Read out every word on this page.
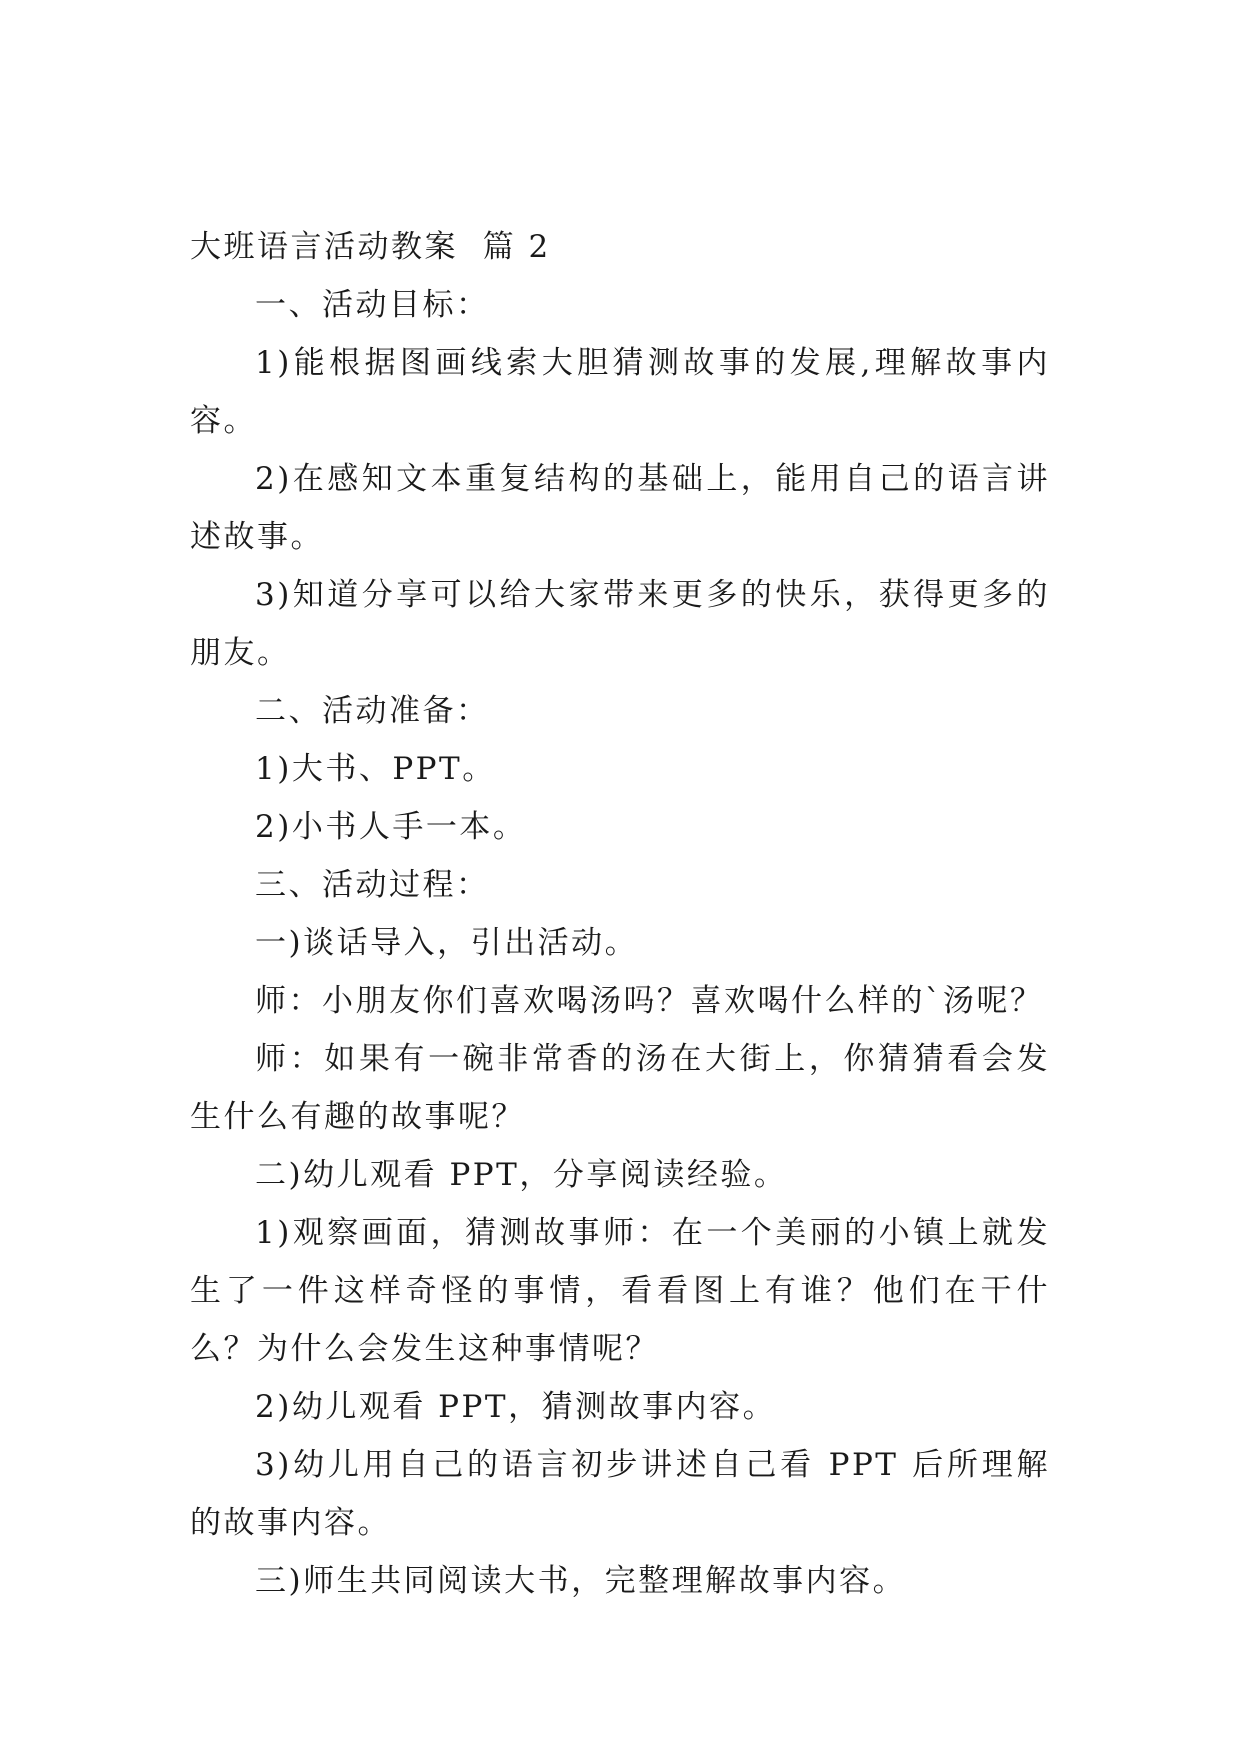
大班语言活动教案  篇 2

一、活动目标：

1)能根据图画线索大胆猜测故事的发展,理解故事内容。

2)在感知文本重复结构的基础上，能用自己的语言讲述故事。

3)知道分享可以给大家带来更多的快乐，获得更多的朋友。

二、活动准备：

1)大书、PPT。

2)小书人手一本。

三、活动过程：

一)谈话导入，引出活动。

师：小朋友你们喜欢喝汤吗？喜欢喝什么样的`汤呢？

师：如果有一碗非常香的汤在大街上，你猜猜看会发生什么有趣的故事呢？

二)幼儿观看 PPT，分享阅读经验。

1)观察画面，猜测故事师：在一个美丽的小镇上就发生了一件这样奇怪的事情，看看图上有谁？他们在干什么？为什么会发生这种事情呢？

2)幼儿观看 PPT，猜测故事内容。

3)幼儿用自己的语言初步讲述自己看 PPT 后所理解的故事内容。

三)师生共同阅读大书，完整理解故事内容。
